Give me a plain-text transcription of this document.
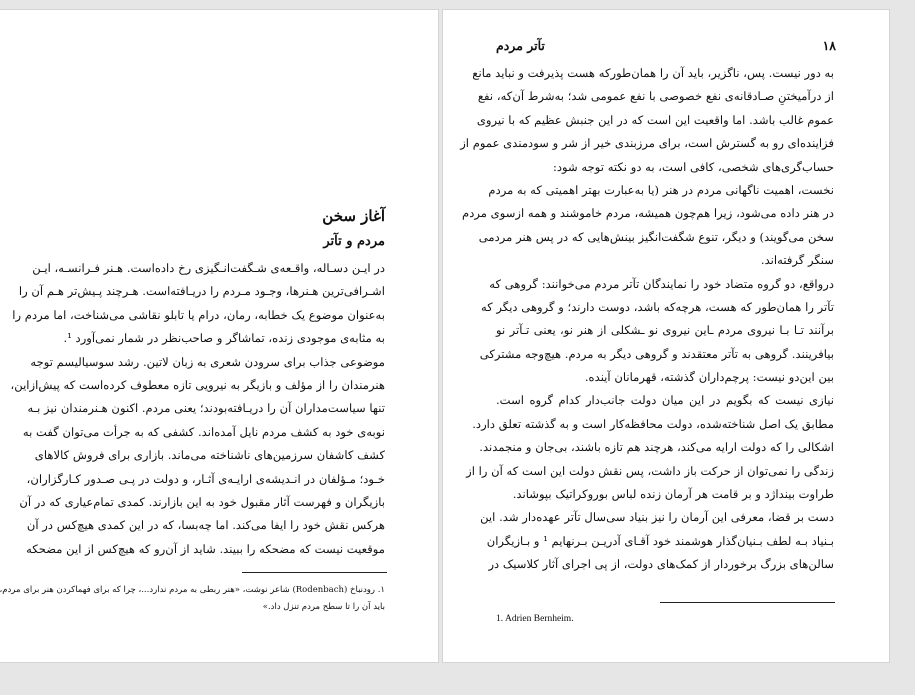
آغاز سخن
مردم و تآتر
در ایـن دسـاله، واقـعه‌ی شـگفت‌انـگیزی رخ داده‌است. هـنر فـرانسـه، ایـن
اشـرافی‌ترین هـنرها، وجـود مـردم را دریـافته‌است. هـرچند پـیش‌تر هـم آن را
به‌عنوان موضوع یک خطابه، رمان، درام یا تابلو نقاشی می‌شناخت، اما مردم را
به مثابه‌ی موجودی زنده، تماشاگر و صاحب‌نظر در شمار نمی‌آورد ¹.
موضوعی جذاب برای سرودن شعری به زبان لاتین. رشد سوسیالیسم توجه
هنرمندان را از مؤلف و بازیگر به نیرویی تازه معطوف کرده‌است که پیش‌ازاین،
تنها سیاست‌مداران آن را دریـافته‌بودند؛ یعنی مردم. اکنون هـنرمندان نیز بـه
نوبه‌ی خود به کشف مردم نایل آمده‌اند. کشفی که به جرأت می‌توان گفت به
کشف کاشفان سرزمین‌های ناشناخته می‌ماند. بازاری برای فروش کالاهای
خـود؛ مـؤلفان در انـدیشه‌ی ارایـه‌ی آثـار، و دولت در پـی صـدور کـارگزاران،
بازیگران و فهرست آثار مقبول خود به این بازارند. کمدی تمام‌عیاری که در آن
هرکس نقش خود را ایفا می‌کند. اما چه‌بسا، که در این کمدی هیچ‌کس در آن
موقعیت نیست که مضحکه را ببیند. شاید از آن‌رو که هیچ‌کس از این مضحکه
۱. رودنباخ (Rodenbach) شاعر نوشت، «هنر ربطی به مردم ندارد...، چرا که برای فهماکردن هنر برای مردم،
باید آن را تا سطح مردم تنزل داد.»
۱۸
تآتر مردم
به دور نیست. پس، ناگزیر، باید آن را همان‌طورکه هست پذیرفت و نباید مانع
از درآمیختنِ صـادقانه‌ی نفع خصوصی با نفع عمومی شد؛ به‌شرط آن‌که، نفع
عموم غالب باشد. اما واقعیت این است که در این جنبش عظیم که با نیروی
فزاینده‌ای رو به گسترش است، برای مرزبندی خیر از شر و سودمندی عموم از
حساب‌گری‌های شخصی، کافی است، به دو نکته توجه شود:
نخست، اهمیت ناگهانی مردم در هنر (یا به‌عبارت بهتر اهمیتی که به مردم
در هنر داده می‌شود، زیرا هم‌چون همیشه، مردم خاموشند و همه ازسوی مردم
سخن می‌گویند) و دیگر، تنوع شگفت‌انگیز بینش‌هایی که در پس هنر مردمی
سنگر گرفته‌اند.
درواقع، دو گروه متضاد خود را نمایندگان تآتر مردم می‌خوانند: گروهی که
تآتر را همان‌طور که هست، هرچه‌که باشد، دوست دارند؛ و گروهی دیگر که
برآنند تـا بـا نیروی مردم ـاین نیروی نو ـشکلی از هنر نو، یعنی تـآتر نو
بیافرینند. گروهی به تآتر معتقدند و گروهی دیگر به مردم. هیچ‌وجه مشترکی
بین این‌دو نیست: پرچم‌داران گذشته، قهرمانان آینده.
نیازی نیست که بگویم در این میان دولت جانب‌دار کدام گروه است.
مطابق یک اصل شناخته‌شده، دولت محافظه‌کار است و به گذشته تعلق دارد.
اشکالی را که دولت ارایه می‌کند، هرچند هم تازه باشند، بی‌جان و منجمدند.
زندگی را نمی‌توان از حرکت باز داشت، پس نقش دولت این است که آن را از
طراوت بینداژد و بر قامت هر آرمان زنده لباس بوروکراتیک بپوشاند.
دست بر قضا، معرفی این آرمان را نیز بنیاد سی‌سال تآتر عهده‌دار شد. این
بـنیاد بـه لطف بـنیان‌گذار هوشمند خود آقـای آدریـن بـرنهایم ¹ و بـازیگران
سالن‌های بزرگ برخوردار از کمک‌های دولت، از پی اجرای آثار کلاسیک در
1. Adrien Bernheim.
